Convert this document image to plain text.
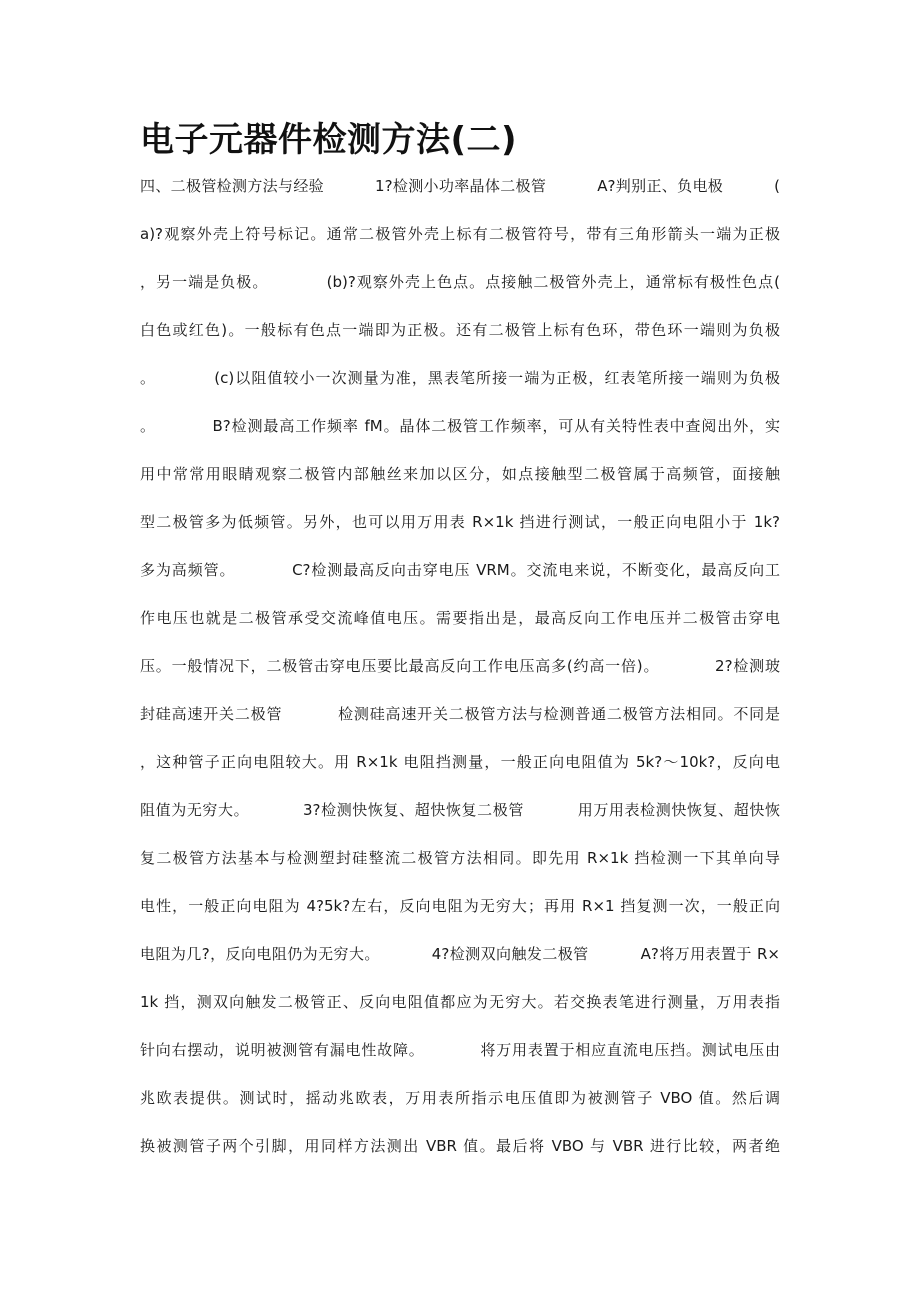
电子元器件检测方法(二)
四、二极管检测方法与经验          1?检测小功率晶体二极管          A?判别正、负电极          (
a)?观察外壳上符号标记。通常二极管外壳上标有二极管符号，带有三角形箭头一端为正极
，另一端是负极。          (b)?观察外壳上色点。点接触二极管外壳上，通常标有极性色点(
白色或红色)。一般标有色点一端即为正极。还有二极管上标有色环，带色环一端则为负极
。          (c)以阻值较小一次测量为准，黑表笔所接一端为正极，红表笔所接一端则为负极
。          B?检测最高工作频率 fM。晶体二极管工作频率，可从有关特性表中查阅出外，实
用中常常用眼睛观察二极管内部触丝来加以区分，如点接触型二极管属于高频管，面接触
型二极管多为低频管。另外，也可以用万用表 R×1k 挡进行测试，一般正向电阻小于 1k?
多为高频管。          C?检测最高反向击穿电压 VRM。交流电来说，不断变化，最高反向工
作电压也就是二极管承受交流峰值电压。需要指出是，最高反向工作电压并二极管击穿电
压。一般情况下，二极管击穿电压要比最高反向工作电压高多(约高一倍)。          2?检测玻
封硅高速开关二极管          检测硅高速开关二极管方法与检测普通二极管方法相同。不同是
，这种管子正向电阻较大。用 R×1k 电阻挡测量，一般正向电阻值为 5k?～10k?，反向电
阻值为无穷大。          3?检测快恢复、超快恢复二极管          用万用表检测快恢复、超快恢
复二极管方法基本与检测塑封硅整流二极管方法相同。即先用 R×1k 挡检测一下其单向导
电性，一般正向电阻为 4?5k?左右，反向电阻为无穷大；再用 R×1 挡复测一次，一般正向
电阻为几?，反向电阻仍为无穷大。          4?检测双向触发二极管          A?将万用表置于 R×
1k 挡，测双向触发二极管正、反向电阻值都应为无穷大。若交换表笔进行测量，万用表指
针向右摆动，说明被测管有漏电性故障。          将万用表置于相应直流电压挡。测试电压由
兆欧表提供。测试时，摇动兆欧表，万用表所指示电压值即为被测管子 VBO 值。然后调
换被测管子两个引脚，用同样方法测出 VBR 值。最后将 VBO 与 VBR 进行比较，两者绝
